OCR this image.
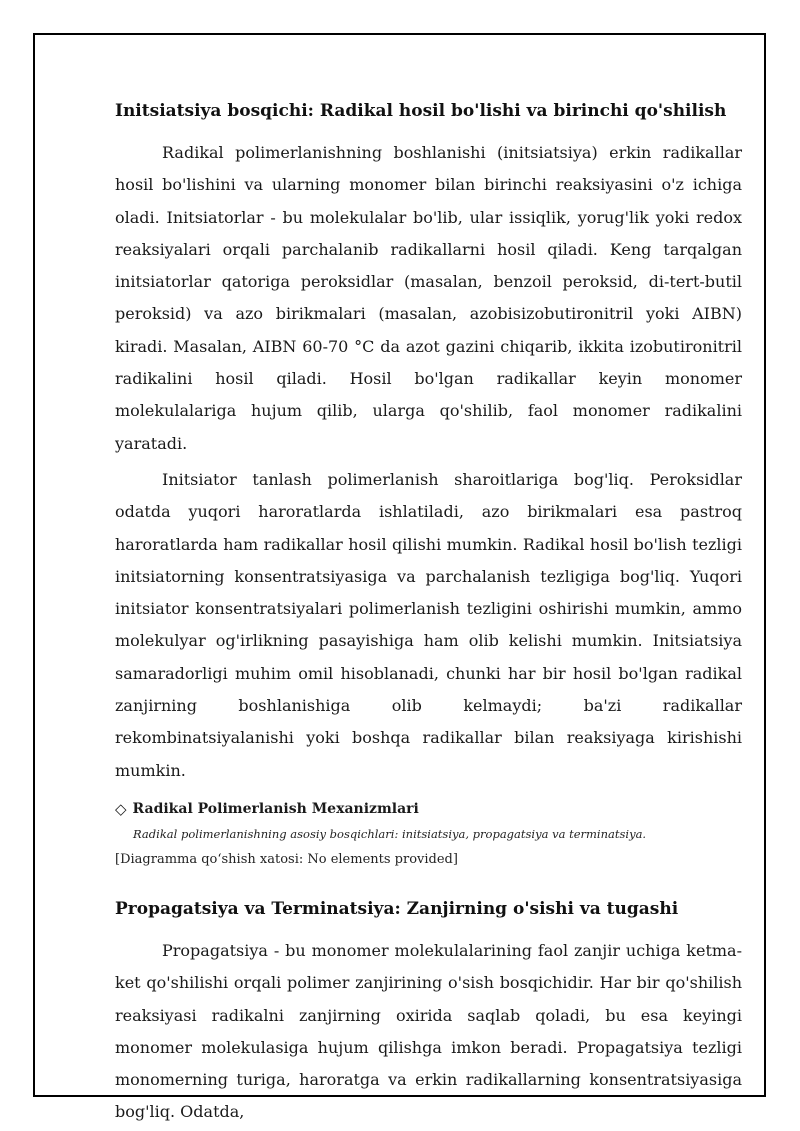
Initsiatsiya bosqichi: Radikal hosil bo'lishi va birinchi qo'shilish

Radikal polimerlanishning boshlanishi (initsiatsiya) erkin radikallar hosil bo'lishini va ularning monomer bilan birinchi reaksiyasini o'z ichiga oladi. Initsiatorlar - bu molekulalar bo'lib, ular issiqlik, yorug'lik yoki redox reaksiyalari orqali parchalanib radikallarni hosil qiladi. Keng tarqalgan initsiatorlar qatoriga peroksidlar (masalan, benzoil peroksid, di-tert-butil peroksid) va azo birikmalari (masalan, azobisizobutironitril yoki AIBN) kiradi. Masalan, AIBN 60-70 °C da azot gazini chiqarib, ikkita izobutironitril radikalini hosil qiladi. Hosil bo'lgan radikallar keyin monomer molekulalariga hujum qilib, ularga qo'shilib, faol monomer radikalini yaratadi.

Initsiator tanlash polimerlanish sharoitlariga bog'liq. Peroksidlar odatda yuqori haroratlarda ishlatiladi, azo birikmalari esa pastroq haroratlarda ham radikallar hosil qilishi mumkin. Radikal hosil bo'lish tezligi initsiatorning konsentratsiyasiga va parchalanish tezligiga bog'liq. Yuqori initsiator konsentratsiyalari polimerlanish tezligini oshirishi mumkin, ammo molekulyar og'irlikning pasayishiga ham olib kelishi mumkin. Initsiatsiya samaradorligi muhim omil hisoblanadi, chunki har bir hosil bo'lgan radikal zanjirning boshlanishiga olib kelmaydi; ba'zi radikallar rekombinatsiyalanishi yoki boshqa radikallar bilan reaksiyaga kirishishi mumkin.

◇ Radikal Polimerlanish Mexanizmlari
Radikal polimerlanishning asosiy bosqichlari: initsiatsiya, propagatsiya va terminatsiya.
[Diagramma qo‘shish xatosi: No elements provided]
Propagatsiya va Terminatsiya: Zanjirning o'sishi va tugashi

Propagatsiya - bu monomer molekulalarining faol zanjir uchiga ketma-ket qo'shilishi orqali polimer zanjirining o'sish bosqichidir. Har bir qo'shilish reaksiyasi radikalni zanjirning oxirida saqlab qoladi, bu esa keyingi monomer molekulasiga hujum qilishga imkon beradi. Propagatsiya tezligi monomerning turiga, haroratga va erkin radikallarning konsentratsiyasiga bog'liq. Odatda,
